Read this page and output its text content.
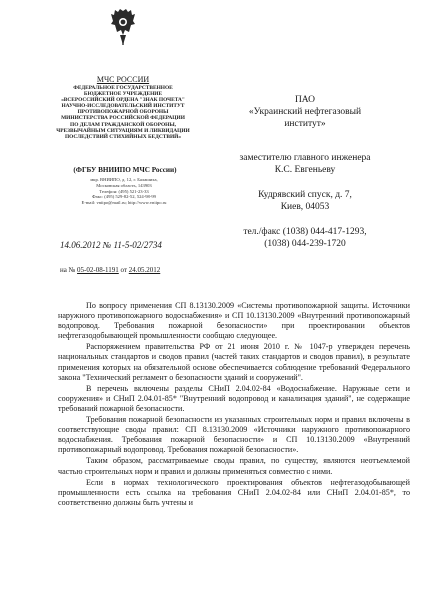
МЧС РОССИИ
ФЕДЕРАЛЬНОЕ ГОСУДАРСТВЕННОЕ
БЮДЖЕТНОЕ УЧРЕЖДЕНИЕ
«ВСЕРОССИЙСКИЙ ОРДЕНА "ЗНАК ПОЧЕТА"
НАУЧНО-ИССЛЕДОВАТЕЛЬСКИЙ ИНСТИТУТ
ПРОТИВОПОЖАРНОЙ ОБОРОНЫ
МИНИСТЕРСТВА РОССИЙСКОЙ ФЕДЕРАЦИИ
ПО ДЕЛАМ ГРАЖДАНСКОЙ ОБОРОНЫ,
ЧРЕЗВЫЧАЙНЫМ СИТУАЦИЯМ И ЛИКВИДАЦИИ
ПОСЛЕДСТВИЙ СТИХИЙНЫХ БЕДСТВИЙ»
(ФГБУ ВНИИПО МЧС России)
мкр. ВНИИПО, д. 12, г. Балашиха,
Московская область, 143903
Телефон: (495) 521-23-33
Факс: (495) 529-82-52, 524-98-99
E-mail: vniipo@mail.ru; http://www.vniipo.ru
14.06.2012 № 11-5-02/2734
на № 05-02-08-1191 от 24.05.2012
ПАО
«Украинский нефтегазовый
институт»
заместителю главного инженера
К.С. Евгеньеву
Кудрявский спуск, д. 7,
Киев, 04053
тел./факс (1038) 044-417-1293,
(1038) 044-239-1720

По вопросу применения СП 8.13130.2009 «Системы противопожарной защиты. Источники наружного противопожарного водоснабжения» и СП 10.13130.2009 «Внутренний противопожарный водопровод. Требования пожарной безопасности» при проектировании объектов нефтегазодобывающей промышленности сообщаю следующее.

Распоряжением правительства РФ от 21 июня 2010 г. № 1047-р утвержден перечень национальных стандартов и сводов правил (частей таких стандартов и сводов правил), в результате применения которых на обязательной основе обеспечивается соблюдение требований Федерального закона "Технический регламент о безопасности зданий и сооружений".

В перечень включены разделы СНиП 2.04.02-84 «Водоснабжение. Наружные сети и сооружения» и СНиП 2.04.01-85* "Внутренний водопровод и канализация зданий", не содержащие требований пожарной безопасности.

Требования пожарной безопасности из указанных строительных норм и правил включены в соответствующие своды правил: СП 8.13130.2009 «Источники наружного противопожарного водоснабжения. Требования пожарной безопасности» и СП 10.13130.2009 «Внутренний противопожарный водопровод. Требования пожарной безопасности».

Таким образом, рассматриваемые своды правил, по существу, являются неотъемлемой частью строительных норм и правил и должны применяться совместно с ними.

Если в нормах технологического проектирования объектов нефтегазодобывающей промышленности есть ссылка на требования СНиП 2.04.02-84 или СНиП 2.04.01-85*, то соответственно должны быть учтены и
